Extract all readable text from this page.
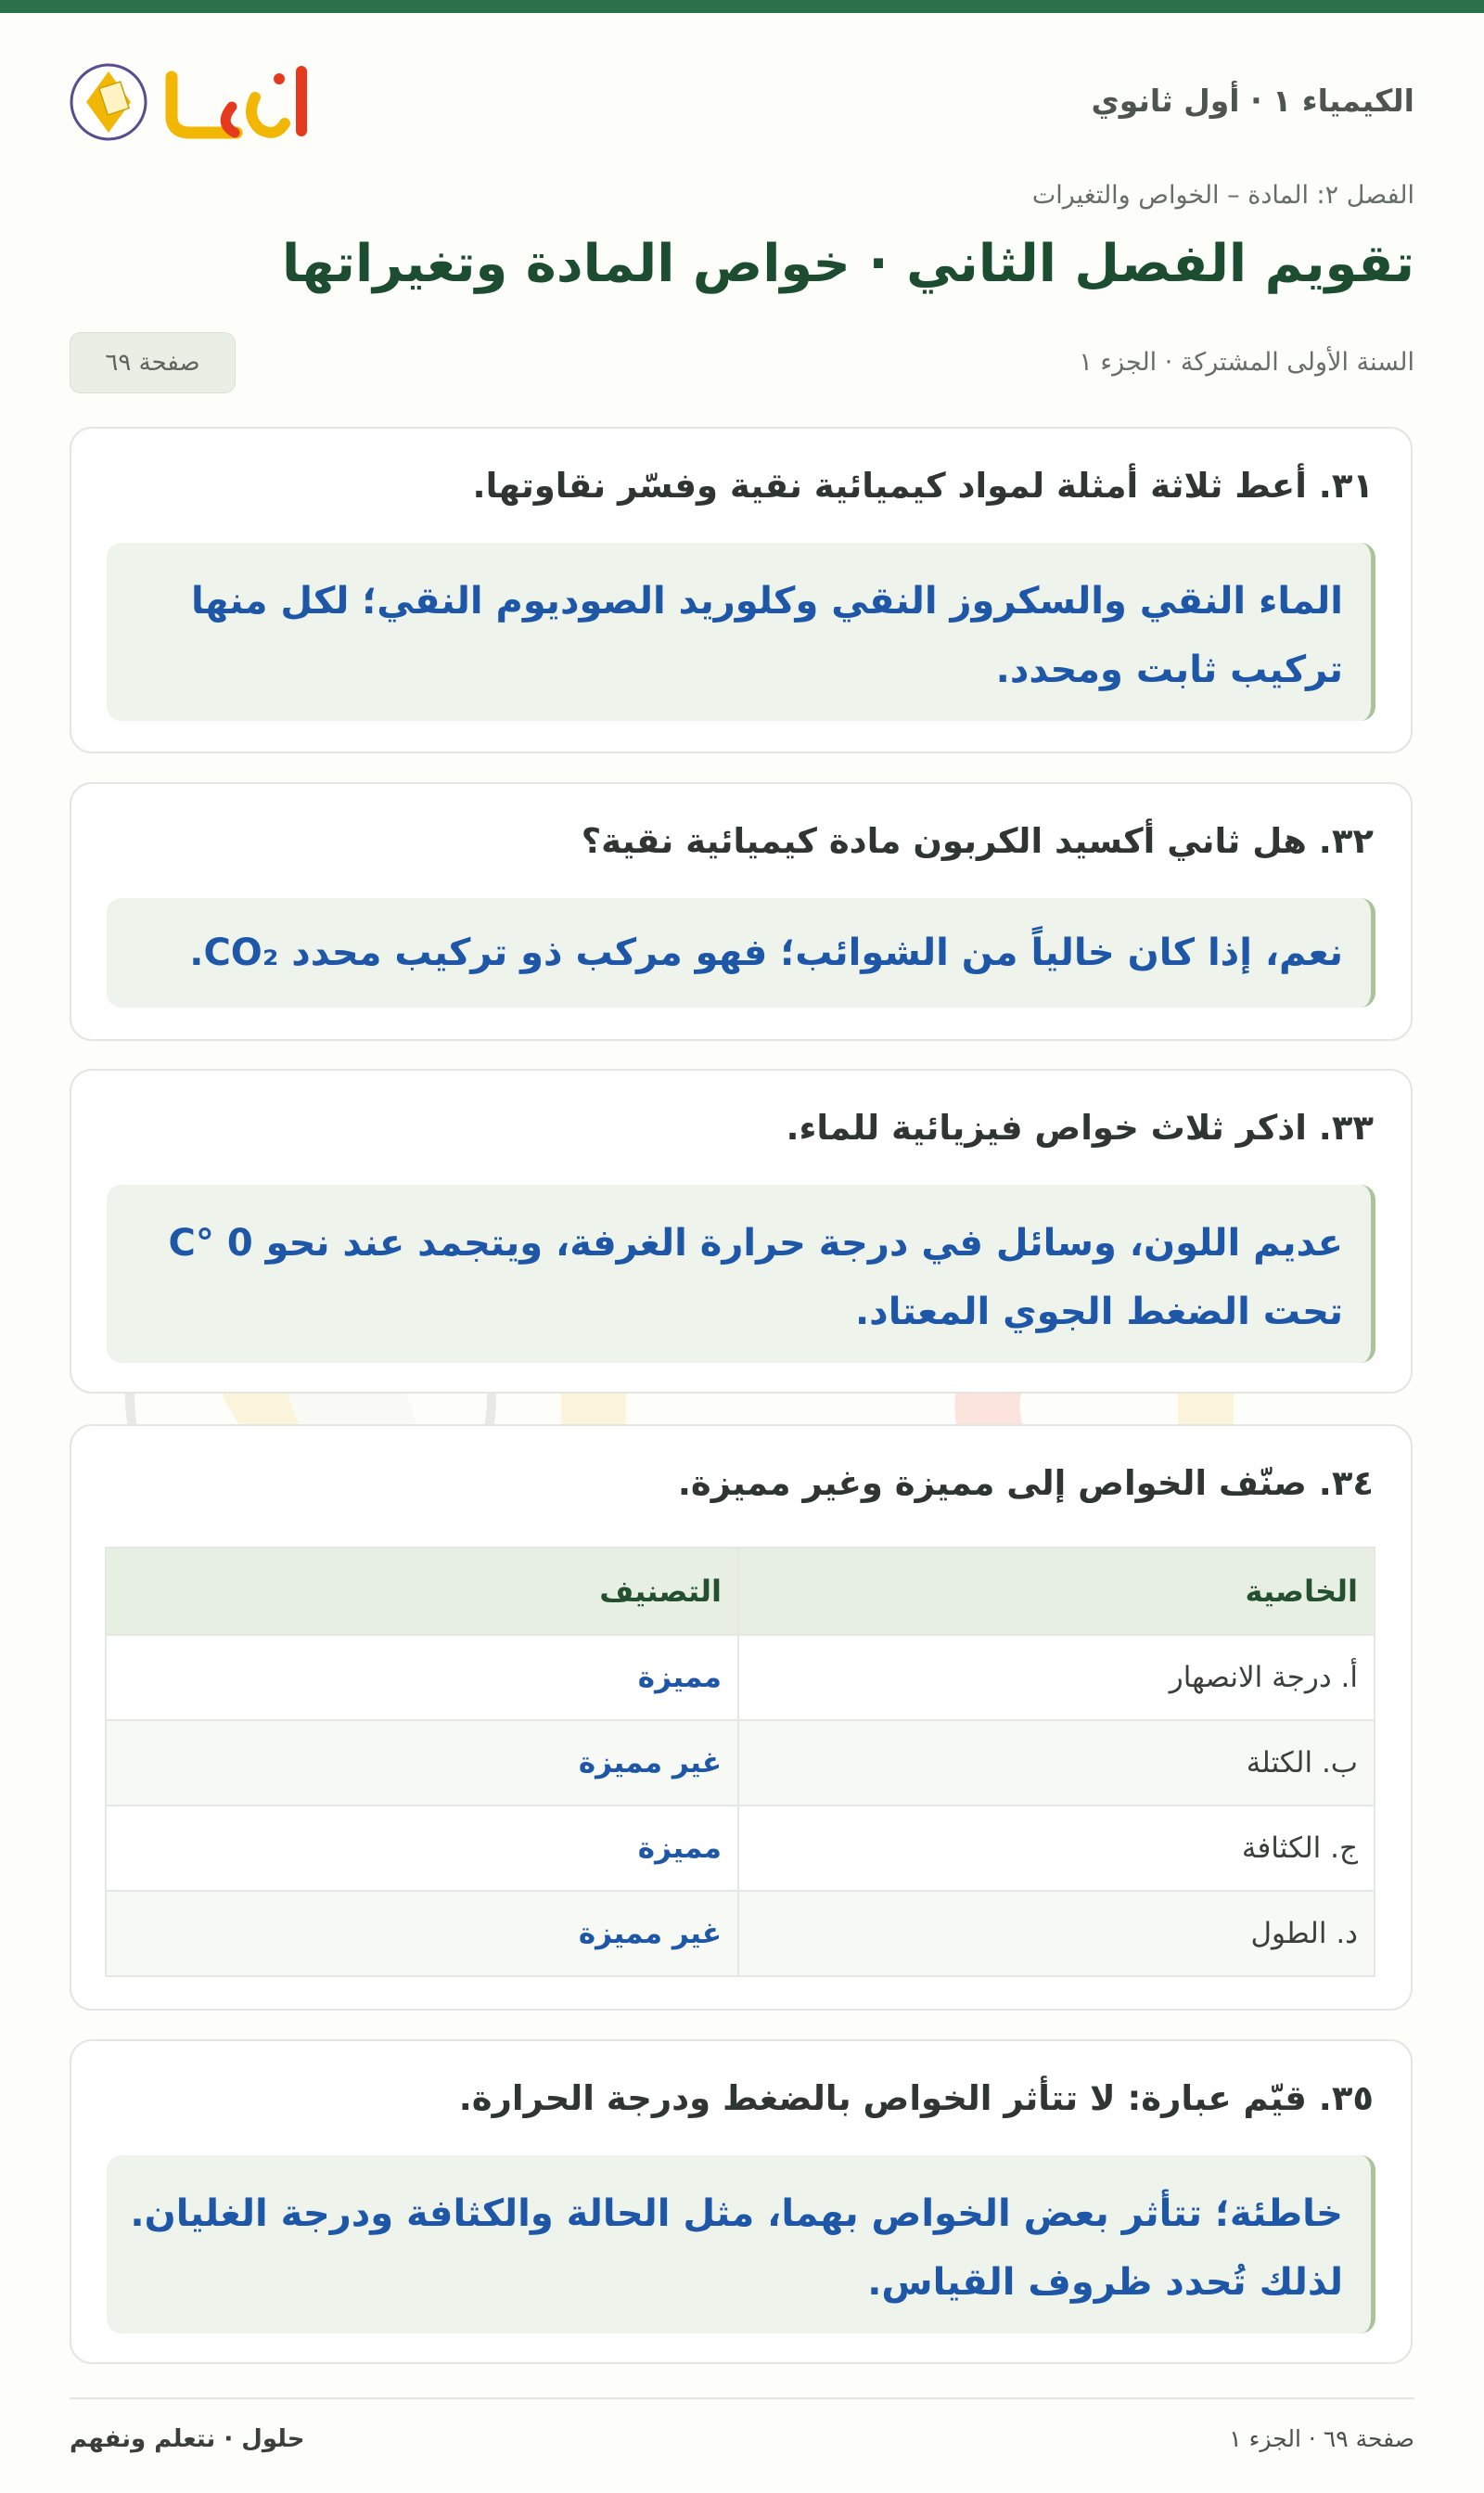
الكيمياء ١ · أول ثانوي
الفصل ٢: المادة – الخواص والتغيرات
تقويم الفصل الثاني · خواص المادة وتغيراتها
السنة الأولى المشتركة · الجزء ١
صفحة ٦٩
٣١. أعط ثلاثة أمثلة لمواد كيميائية نقية وفسّر نقاوتها.
الماء النقي والسكروز النقي وكلوريد الصوديوم النقي؛ لكل منها
تركيب ثابت ومحدد.
٣٢. هل ثاني أكسيد الكربون مادة كيميائية نقية؟
نعم، إذا كان خالياً من الشوائب؛ فهو مركب ذو تركيب محدد CO₂.
٣٣. اذكر ثلاث خواص فيزيائية للماء.
عديم اللون، وسائل في درجة حرارة الغرفة، ويتجمد عند نحو 0 °C
تحت الضغط الجوي المعتاد.
٣٤. صنّف الخواص إلى مميزة وغير مميزة.
الخاصية	التصنيف
أ. درجة الانصهار	مميزة
ب. الكتلة	غير مميزة
ج. الكثافة	مميزة
د. الطول	غير مميزة
٣٥. قيّم عبارة: لا تتأثر الخواص بالضغط ودرجة الحرارة.
خاطئة؛ تتأثر بعض الخواص بهما، مثل الحالة والكثافة ودرجة الغليان.
لذلك تُحدد ظروف القياس.
صفحة ٦٩ · الجزء ١
حلول · نتعلم ونفهم
